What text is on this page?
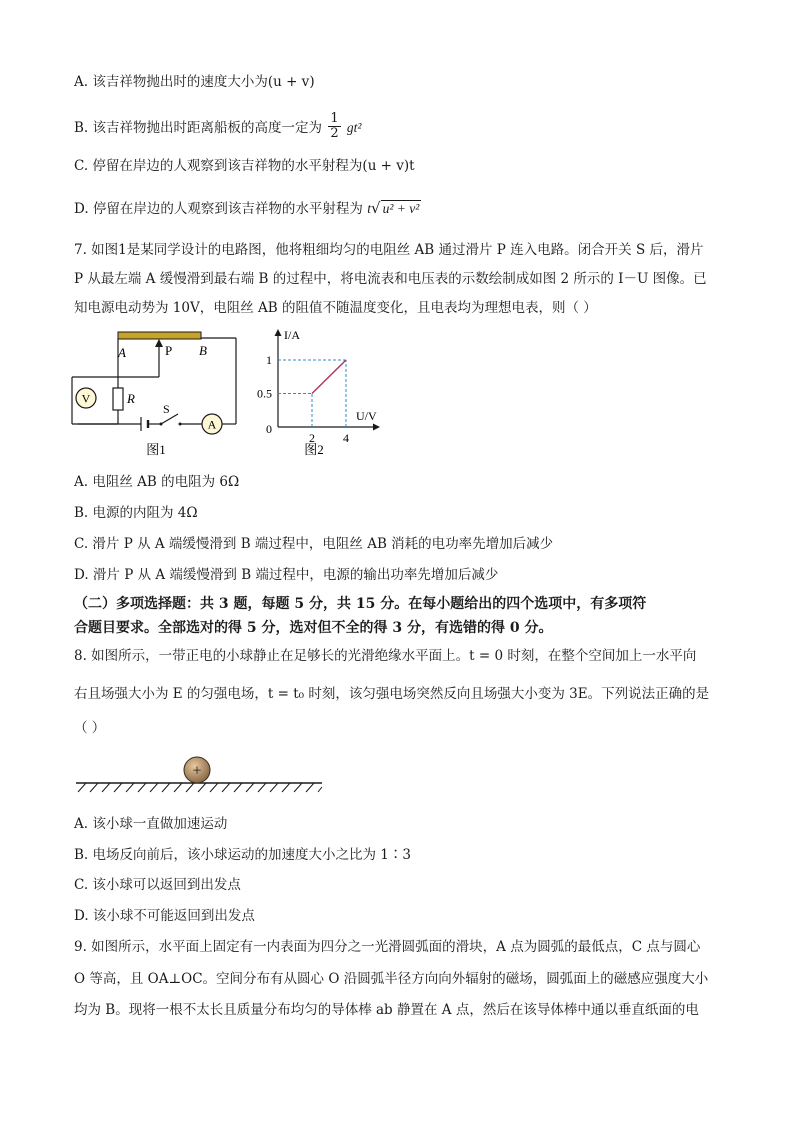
A. 该吉祥物抛出时的速度大小为(u + v)
B. 该吉祥物抛出时距离船板的高度一定为 $\frac{1}{2} gt^2$
C. 停留在岸边的人观察到该吉祥物的水平射程为(u + v)t
D. 停留在岸边的人观察到该吉祥物的水平射程为 t√ u² + v²
7. 如图1是某同学设计的电路图，他将粗细均匀的电阻丝 AB 通过滑片 P 连入电路。闭合开关 S 后，滑片
P 从最左端 A 缓慢滑到最右端 B 的过程中，将电流表和电压表的示数绘制成如图 2 所示的 I－U 图像。已
知电源电动势为 10V，电阻丝 AB 的阻值不随温度变化，且电表均为理想电表，则（ ）
V
A
A	P B
R
S
图1
2 4
0.5
1
I/A
U/V
0
图2
A. 电阻丝 AB 的电阻为 6Ω
B. 电源的内阻为 4Ω
C. 滑片 P 从 A 端缓慢滑到 B 端过程中，电阻丝 AB 消耗的电功率先增加后减少
D. 滑片 P 从 A 端缓慢滑到 B 端过程中，电源的输出功率先增加后减少
（二）多项选择题：共 3 题，每题 5 分，共 15 分。在每小题给出的四个选项中，有多项符
合题目要求。全部选对的得 5 分，选对但不全的得 3 分，有选错的得 0 分。
8. 如图所示，一带正电的小球静止在足够长的光滑绝缘水平面上。t = 0 时刻，在整个空间加上一水平向
右且场强大小为 E 的匀强电场，t = t₀ 时刻，该匀强电场突然反向且场强大小变为 3E。下列说法正确的是
（ ）
+
A. 该小球一直做加速运动
B. 电场反向前后，该小球运动的加速度大小之比为 1∶3
C. 该小球可以返回到出发点
D. 该小球不可能返回到出发点
9. 如图所示，水平面上固定有一内表面为四分之一光滑圆弧面的滑块，A 点为圆弧的最低点，C 点与圆心
O 等高，且 OA⊥OC。空间分布有从圆心 O 沿圆弧半径方向向外辐射的磁场，圆弧面上的磁感应强度大小
均为 B。现将一根不太长且质量分布均匀的导体棒 ab 静置在 A 点，然后在该导体棒中通以垂直纸面的电
